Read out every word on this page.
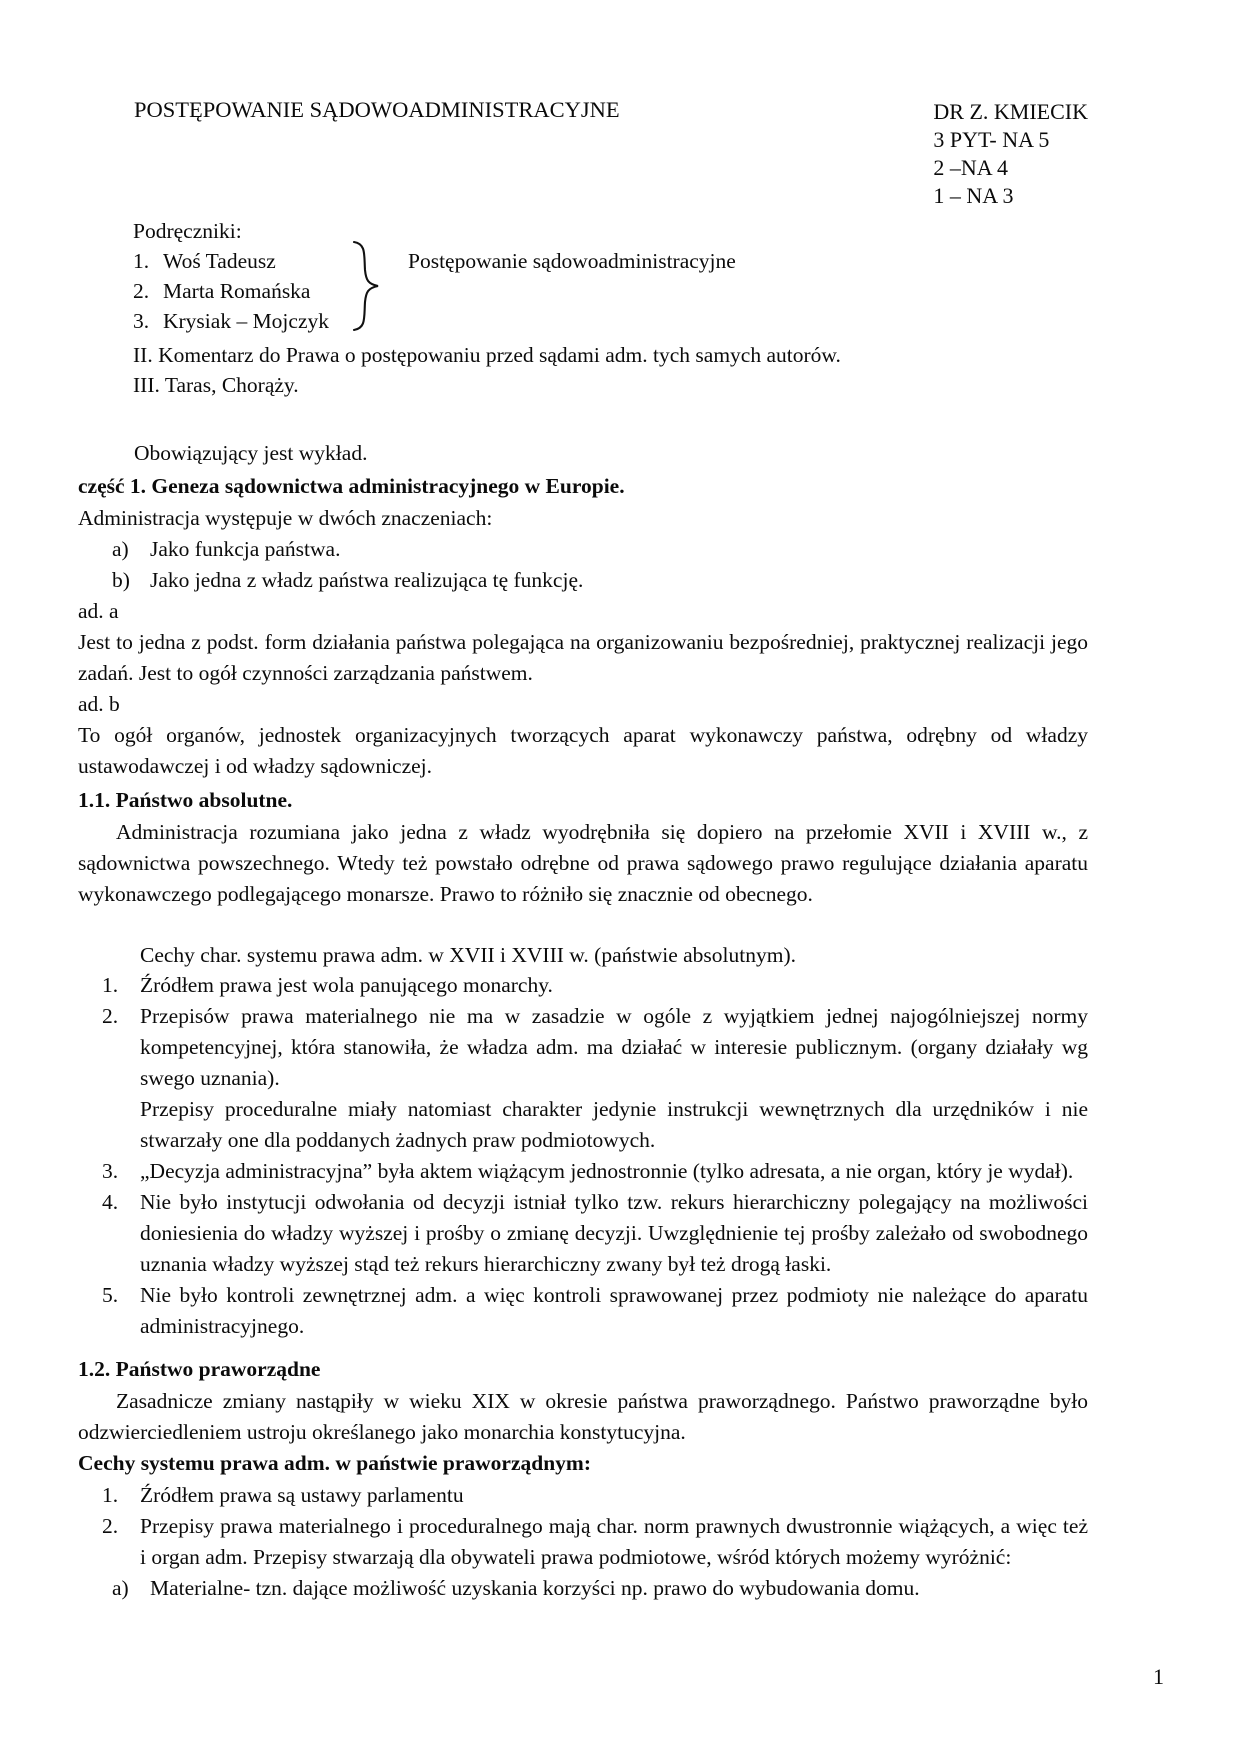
POSTĘPOWANIE SĄDOWOADMINISTRACYJNE	DR Z. KMIECIK
3 PYT- NA 5
2 –NA 4
1 – NA 3
Podręczniki:
1. Woś Tadeusz
2. Marta Romańska
3. Krysiak – Mojczyk
Postępowanie sądowoadministracyjne
II. Komentarz do Prawa o postępowaniu przed sądami adm. tych samych autorów.
III. Taras, Chorąży.
Obowiązujący jest wykład.
część 1. Geneza sądownictwa administracyjnego w Europie.
Administracja występuje w dwóch znaczeniach:
a) Jako funkcja państwa.
b) Jako jedna z władz państwa realizująca tę funkcję.
ad. a
Jest to jedna z podst. form działania państwa polegająca na organizowaniu bezpośredniej, praktycznej realizacji jego zadań. Jest to ogół czynności zarządzania państwem.
ad. b
To ogół organów, jednostek organizacyjnych tworzących aparat wykonawczy państwa, odrębny od władzy ustawodawczej i od władzy sądowniczej.
1.1. Państwo absolutne.
Administracja rozumiana jako jedna z władz wyodrębniła się dopiero na przełomie XVII i XVIII w., z sądownictwa powszechnego. Wtedy też powstało odrębne od prawa sądowego prawo regulujące działania aparatu wykonawczego podlegającego monarsze. Prawo to różniło się znacznie od obecnego.
Cechy char. systemu prawa adm. w XVII i XVIII w. (państwie absolutnym).
1.	Źródłem prawa jest wola panującego monarchy.
2.	Przepisów prawa materialnego nie ma w zasadzie w ogóle z wyjątkiem jednej najogólniejszej normy kompetencyjnej, która stanowiła, że władza adm. ma działać w interesie publicznym. (organy działały wg swego uznania).
Przepisy proceduralne miały natomiast charakter jedynie instrukcji wewnętrznych dla urzędników i nie stwarzały one dla poddanych żadnych praw podmiotowych.
3.	„Decyzja administracyjna” była aktem wiążącym jednostronnie (tylko adresata, a nie organ, który je wydał).
4.	Nie było instytucji odwołania od decyzji istniał tylko tzw. rekurs hierarchiczny polegający na możliwości doniesienia do władzy wyższej i prośby o zmianę decyzji. Uwzględnienie tej prośby zależało od swobodnego uznania władzy wyższej stąd też rekurs hierarchiczny zwany był też drogą łaski.
5.	Nie było kontroli zewnętrznej adm. a więc kontroli sprawowanej przez podmioty nie należące do aparatu administracyjnego.
1.2. Państwo praworządne
Zasadnicze zmiany nastąpiły w wieku XIX w okresie państwa praworządnego. Państwo praworządne było odzwierciedleniem ustroju określanego jako monarchia konstytucyjna.
Cechy systemu prawa adm. w państwie praworządnym:
1.	Źródłem prawa są ustawy parlamentu
2.	Przepisy prawa materialnego i proceduralnego mają char. norm prawnych dwustronnie wiążących, a więc też i organ adm. Przepisy stwarzają dla obywateli prawa podmiotowe, wśród których możemy wyróżnić:
a) Materialne- tzn. dające możliwość uzyskania korzyści np. prawo do wybudowania domu.
1
